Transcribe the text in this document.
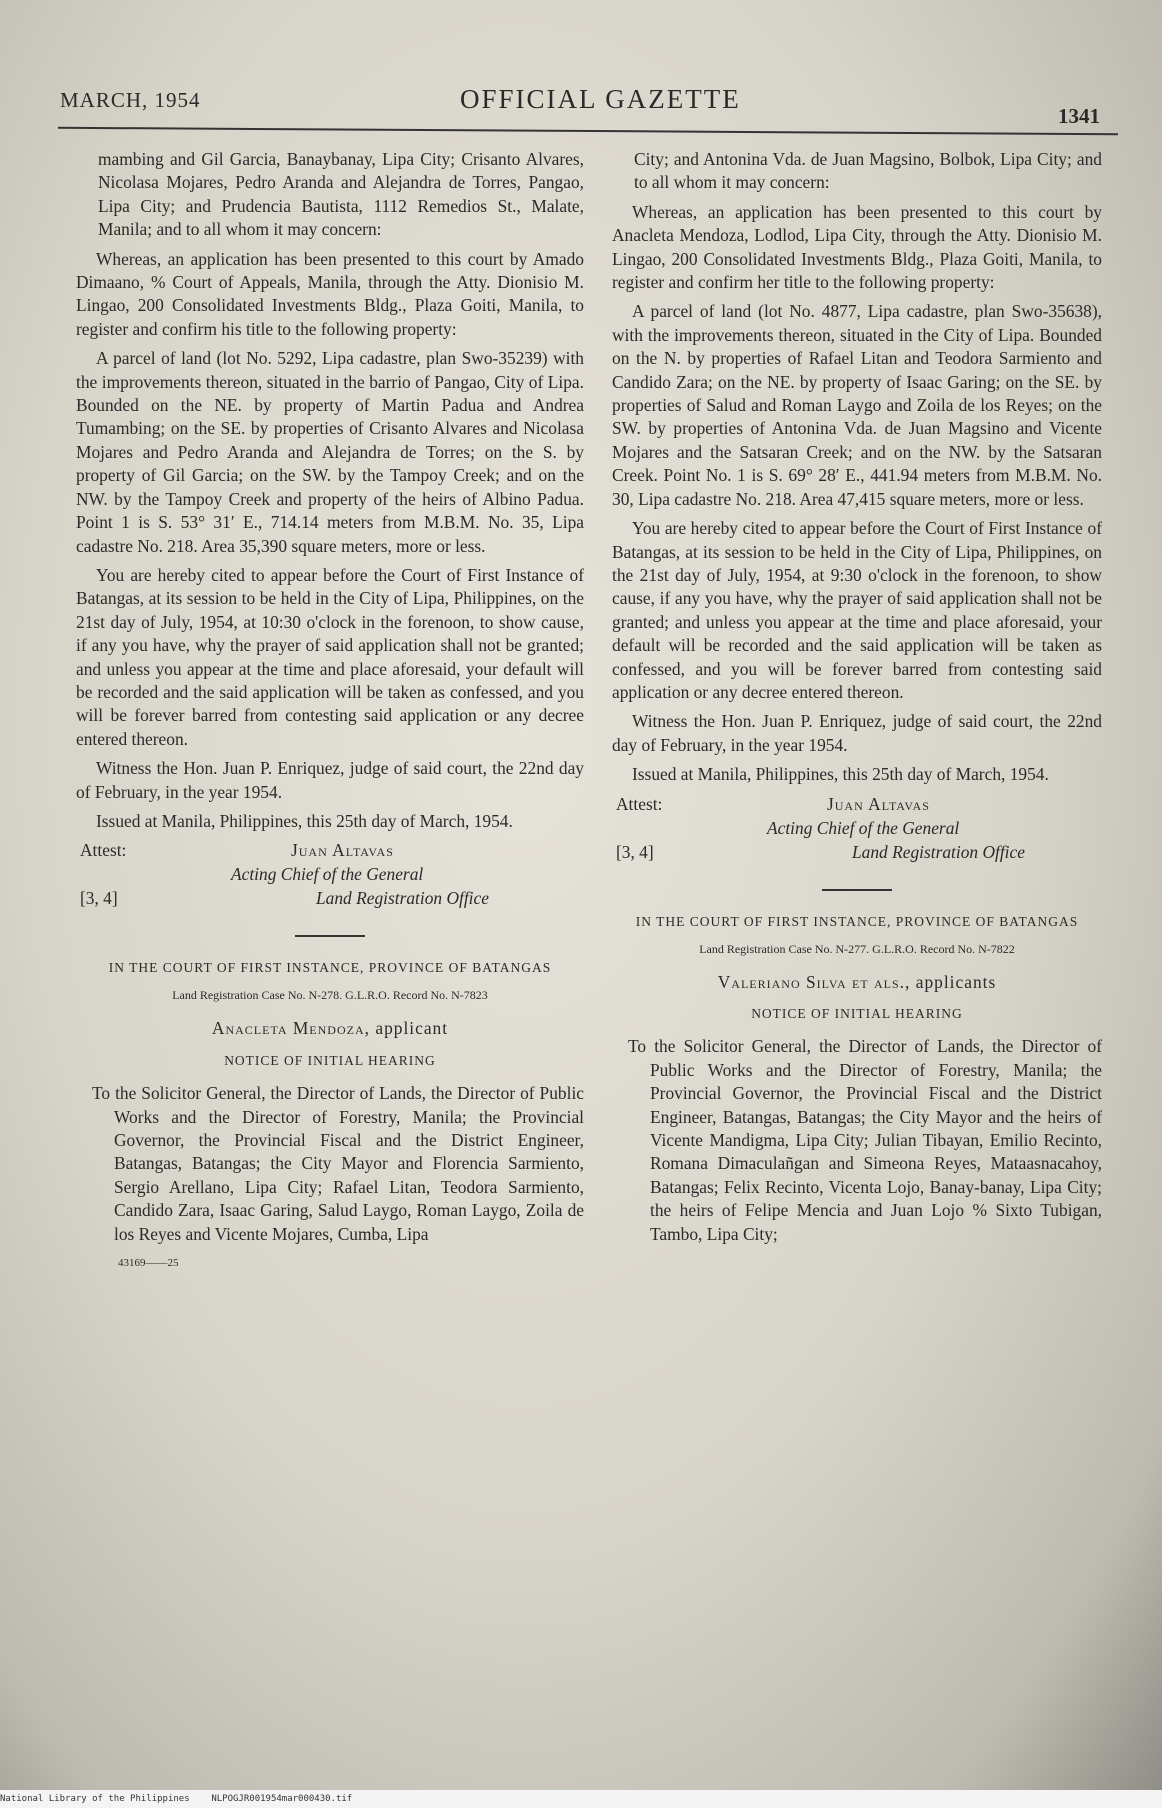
MARCH, 1954	OFFICIAL GAZETTE
1341

mambing and Gil Garcia, Banaybanay, Lipa City; Crisanto Alvares, Nicolasa Mojares, Pedro Aranda and Alejandra de Torres, Pangao, Lipa City; and Prudencia Bautista, 1112 Remedios St., Malate, Manila; and to all whom it may concern:

Whereas, an application has been presented to this court by Amado Dimaano, % Court of Appeals, Manila, through the Atty. Dionisio M. Lingao, 200 Consolidated Investments Bldg., Plaza Goiti, Manila, to register and confirm his title to the following property:

A parcel of land (lot No. 5292, Lipa cadastre, plan Swo-35239) with the improvements thereon, situated in the barrio of Pangao, City of Lipa. Bounded on the NE. by property of Martin Padua and Andrea Tumambing; on the SE. by properties of Crisanto Alvares and Nicolasa Mojares and Pedro Aranda and Alejandra de Torres; on the S. by property of Gil Garcia; on the SW. by the Tampoy Creek; and on the NW. by the Tampoy Creek and property of the heirs of Albino Padua. Point 1 is S. 53° 31′ E., 714.14 meters from M.B.M. No. 35, Lipa cadastre No. 218. Area 35,390 square meters, more or less.

You are hereby cited to appear before the Court of First Instance of Batangas, at its session to be held in the City of Lipa, Philippines, on the 21st day of July, 1954, at 10:30 o'clock in the forenoon, to show cause, if any you have, why the prayer of said application shall not be granted; and unless you appear at the time and place aforesaid, your default will be recorded and the said application will be taken as confessed, and you will be forever barred from contesting said application or any decree entered thereon.

Witness the Hon. Juan P. Enriquez, judge of said court, the 22nd day of February, in the year 1954.

Issued at Manila, Philippines, this 25th day of March, 1954.

Attest:	Juan Altavas
Acting Chief of the General
[3, 4]	Land Registration Office
IN THE COURT OF FIRST INSTANCE, PROVINCE OF BATANGAS
Land Registration Case No. N-278. G.L.R.O. Record No. N-7823
Anacleta Mendoza, applicant
NOTICE OF INITIAL HEARING

To the Solicitor General, the Director of Lands, the Director of Public Works and the Director of Forestry, Manila; the Provincial Governor, the Provincial Fiscal and the District Engineer, Batangas, Batangas; the City Mayor and Florencia Sarmiento, Sergio Arellano, Lipa City; Rafael Litan, Teodora Sarmiento, Candido Zara, Isaac Garing, Salud Laygo, Roman Laygo, Zoila de los Reyes and Vicente Mojares, Cumba, Lipa

43169——25

City; and Antonina Vda. de Juan Magsino, Bolbok, Lipa City; and to all whom it may concern:

Whereas, an application has been presented to this court by Anacleta Mendoza, Lodlod, Lipa City, through the Atty. Dionisio M. Lingao, 200 Consolidated Investments Bldg., Plaza Goiti, Manila, to register and confirm her title to the following property:

A parcel of land (lot No. 4877, Lipa cadastre, plan Swo-35638), with the improvements thereon, situated in the City of Lipa. Bounded on the N. by properties of Rafael Litan and Teodora Sarmiento and Candido Zara; on the NE. by property of Isaac Garing; on the SE. by properties of Salud and Roman Laygo and Zoila de los Reyes; on the SW. by properties of Antonina Vda. de Juan Magsino and Vicente Mojares and the Satsaran Creek; and on the NW. by the Satsaran Creek. Point No. 1 is S. 69° 28′ E., 441.94 meters from M.B.M. No. 30, Lipa cadastre No. 218. Area 47,415 square meters, more or less.

You are hereby cited to appear before the Court of First Instance of Batangas, at its session to be held in the City of Lipa, Philippines, on the 21st day of July, 1954, at 9:30 o'clock in the forenoon, to show cause, if any you have, why the prayer of said application shall not be granted; and unless you appear at the time and place aforesaid, your default will be recorded and the said application will be taken as confessed, and you will be forever barred from contesting said application or any decree entered thereon.

Witness the Hon. Juan P. Enriquez, judge of said court, the 22nd day of February, in the year 1954.

Issued at Manila, Philippines, this 25th day of March, 1954.

Attest:	Juan Altavas
Acting Chief of the General
[3, 4]	Land Registration Office
IN THE COURT OF FIRST INSTANCE, PROVINCE OF BATANGAS
Land Registration Case No. N-277. G.L.R.O. Record No. N-7822
Valeriano Silva et als., applicants
NOTICE OF INITIAL HEARING

To the Solicitor General, the Director of Lands, the Director of Public Works and the Director of Forestry, Manila; the Provincial Governor, the Provincial Fiscal and the District Engineer, Batangas, Batangas; the City Mayor and the heirs of Vicente Mandigma, Lipa City; Julian Tibayan, Emilio Recinto, Romana Dimaculañgan and Simeona Reyes, Mataasnacahoy, Batangas; Felix Recinto, Vicenta Lojo, Banay-banay, Lipa City; the heirs of Felipe Mencia and Juan Lojo % Sixto Tubigan, Tambo, Lipa City;

National Library of the Philippines NLPOGJR001954mar000430.tif
